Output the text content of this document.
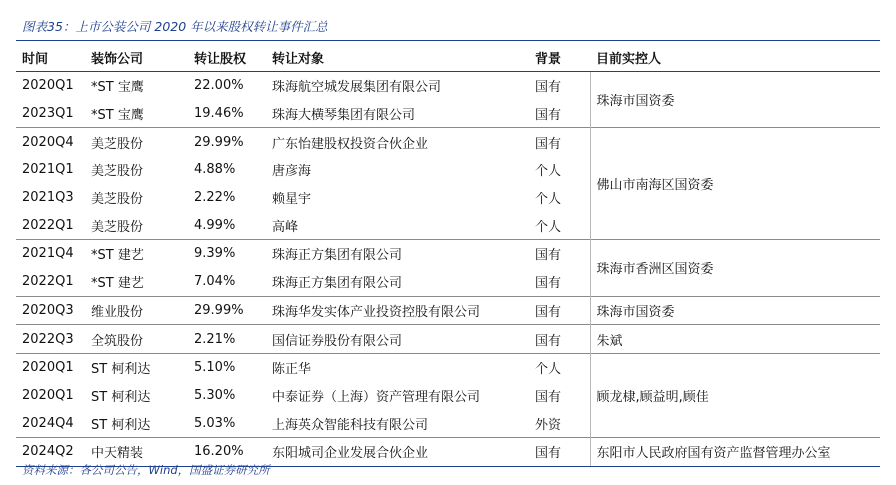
图表35：上市公装公司 2020 年以来股权转让事件汇总
时间	装饰公司	转让股权	转让对象	背景	目前实控人
2020Q1	*ST 宝鹰	22.00%	珠海航空城发展集团有限公司	国有	珠海市国资委
2023Q1	*ST 宝鹰	19.46%	珠海大横琴集团有限公司	国有	
2020Q4	美芝股份	29.99%	广东怡建股权投资合伙企业	国有	佛山市南海区国资委
2021Q1	美芝股份	4.88%	唐彦海	个人	
2021Q3	美芝股份	2.22%	赖星宇	个人	
2022Q1	美芝股份	4.99%	高峰	个人	
2021Q4	*ST 建艺	9.39%	珠海正方集团有限公司	国有	珠海市香洲区国资委
2022Q1	*ST 建艺	7.04%	珠海正方集团有限公司	国有	
2020Q3	维业股份	29.99%	珠海华发实体产业投资控股有限公司	国有	珠海市国资委
2022Q3	全筑股份	2.21%	国信证券股份有限公司	国有	朱斌
2020Q1	ST 柯利达	5.10%	陈正华	个人	顾龙棣,顾益明,顾佳
2020Q1	ST 柯利达	5.30%	中泰证券（上海）资产管理有限公司	国有	
2024Q4	ST 柯利达	5.03%	上海英众智能科技有限公司	外资	
2024Q2	中天精装	16.20%	东阳城司企业发展合伙企业	国有	东阳市人民政府国有资产监督管理办公室
资料来源：各公司公告，Wind，国盛证券研究所
